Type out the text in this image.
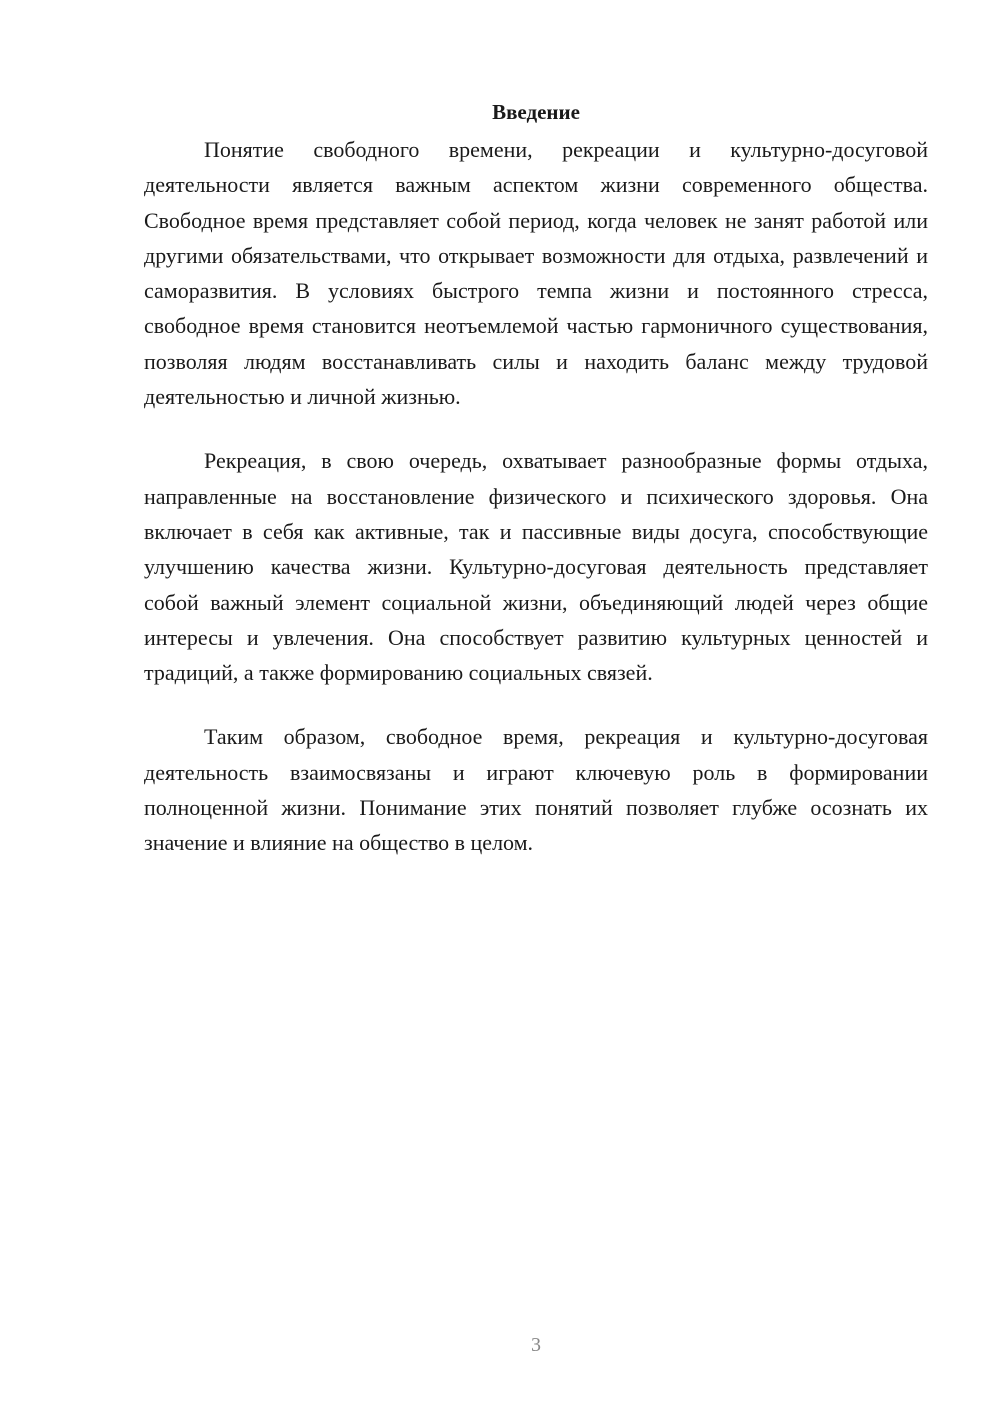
Введение

Понятие свободного времени, рекреации и культурно-досуговой деятельности является важным аспектом жизни современного общества. Свободное время представляет собой период, когда человек не занят работой или другими обязательствами, что открывает возможности для отдыха, развлечений и саморазвития. В условиях быстрого темпа жизни и постоянного стресса, свободное время становится неотъемлемой частью гармоничного существования, позволяя людям восстанавливать силы и находить баланс между трудовой деятельностью и личной жизнью.

Рекреация, в свою очередь, охватывает разнообразные формы отдыха, направленные на восстановление физического и психического здоровья. Она включает в себя как активные, так и пассивные виды досуга, способствующие улучшению качества жизни. Культурно-досуговая деятельность представляет собой важный элемент социальной жизни, объединяющий людей через общие интересы и увлечения. Она способствует развитию культурных ценностей и традиций, а также формированию социальных связей.

Таким образом, свободное время, рекреация и культурно-досуговая деятельность взаимосвязаны и играют ключевую роль в формировании полноценной жизни. Понимание этих понятий позволяет глубже осознать их значение и влияние на общество в целом.

3
